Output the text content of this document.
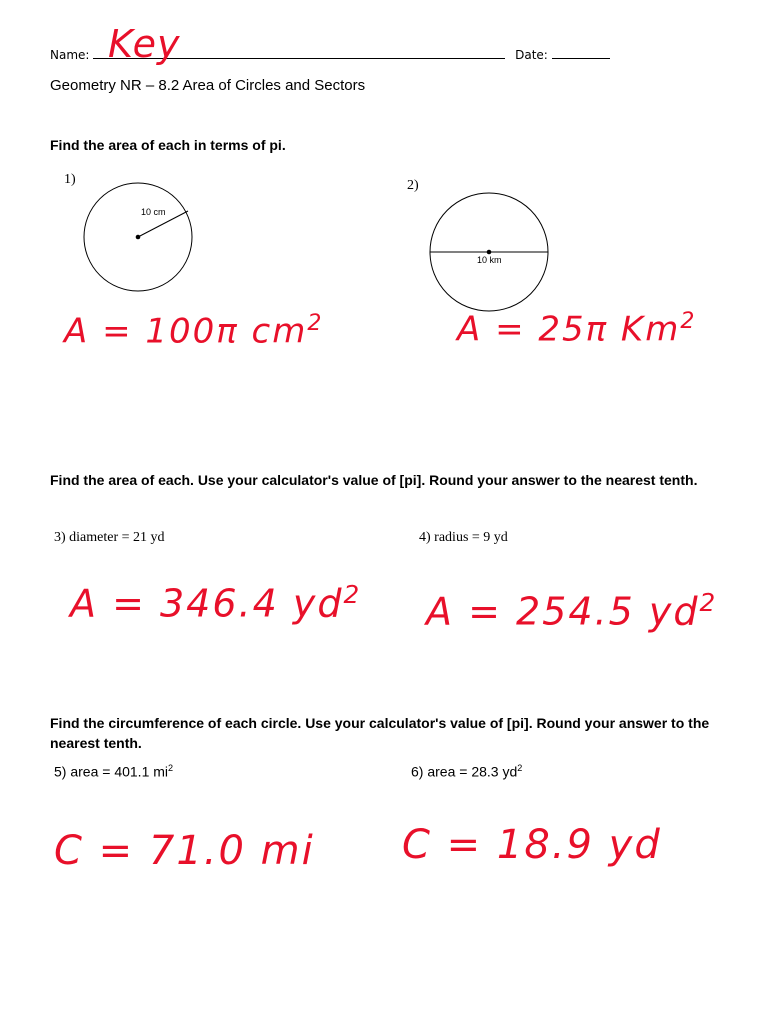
Name:	Date:
Key
Geometry NR – 8.2 Area of Circles and Sectors
Find the area of each in terms of pi.
1)
10 cm
2)
10 km
A = 100π $cm^2$	A = 25π Km$^2$
Find the area of each. Use your calculator's value of [pi]. Round your answer to the nearest tenth.
3) diameter = 21 yd	4) radius = 9 yd
A = 346.4 $yd^2$ A = 254.5 $yd^2$
Find the circumference of each circle. Use your calculator's value of [pi]. Round your answer to the nearest tenth.
5) area = 401.1 $mi^2$	6) area = 28.3 $yd^2$
C = 71.0 mi C = 18.9 yd
